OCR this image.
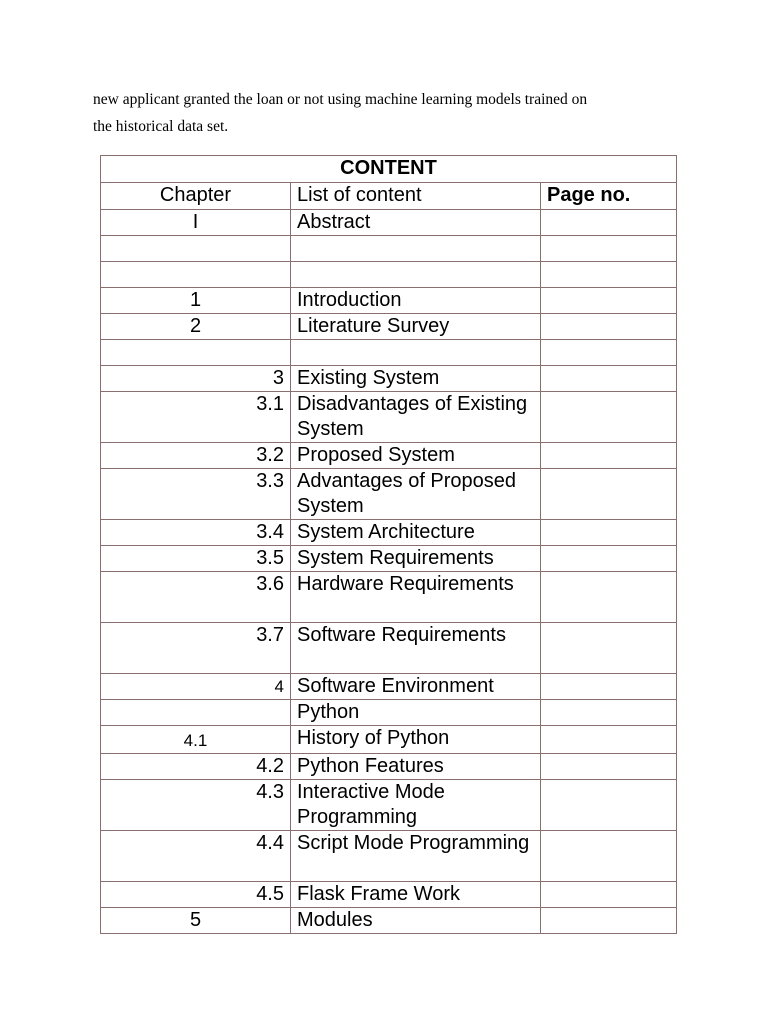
new applicant granted the loan or not using machine learning models trained on
the historical data set.

CONTENT		
Chapter	List of content	Page no.
I	Abstract	

1	Introduction	
2	Literature Survey	

3	Existing System	
3.1	Disadvantages of Existing System	
3.2	Proposed System	
3.3	Advantages of Proposed System	
3.4	System Architecture	
3.5	System Requirements	
3.6	Hardware Requirements	
3.7	Software Requirements	
4	Software Environment	
	Python	
4.1	History of Python	
4.2	Python Features	
4.3	Interactive Mode Programming	
4.4	Script Mode Programming	
4.5	Flask Frame Work	
5	Modules	
